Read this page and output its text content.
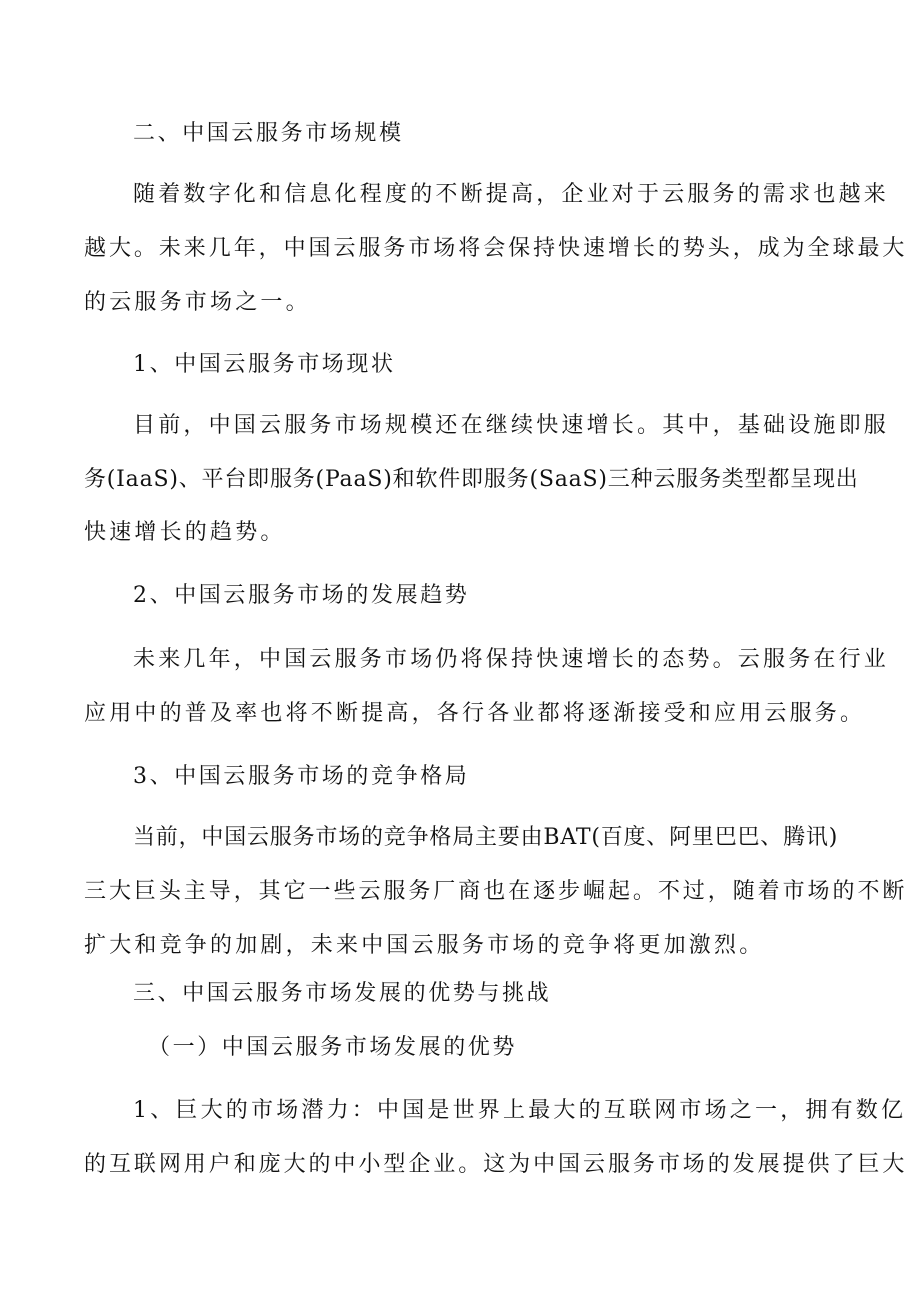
二、中国云服务市场规模
随着数字化和信息化程度的不断提高，企业对于云服务的需求也越来
越大。未来几年，中国云服务市场将会保持快速增长的势头，成为全球最大
的云服务市场之一。
1、中国云服务市场现状
目前，中国云服务市场规模还在继续快速增长。其中，基础设施即服
务(IaaS)、平台即服务(PaaS)和软件即服务(SaaS)三种云服务类型都呈现出
快速增长的趋势。
2、中国云服务市场的发展趋势
未来几年，中国云服务市场仍将保持快速增长的态势。云服务在行业
应用中的普及率也将不断提高，各行各业都将逐渐接受和应用云服务。
3、中国云服务市场的竞争格局
当前，中国云服务市场的竞争格局主要由BAT(百度、阿里巴巴、腾讯)
三大巨头主导，其它一些云服务厂商也在逐步崛起。不过，随着市场的不断
扩大和竞争的加剧，未来中国云服务市场的竞争将更加激烈。
三、中国云服务市场发展的优势与挑战
（一）中国云服务市场发展的优势
1、巨大的市场潜力：中国是世界上最大的互联网市场之一，拥有数亿
的互联网用户和庞大的中小型企业。这为中国云服务市场的发展提供了巨大
